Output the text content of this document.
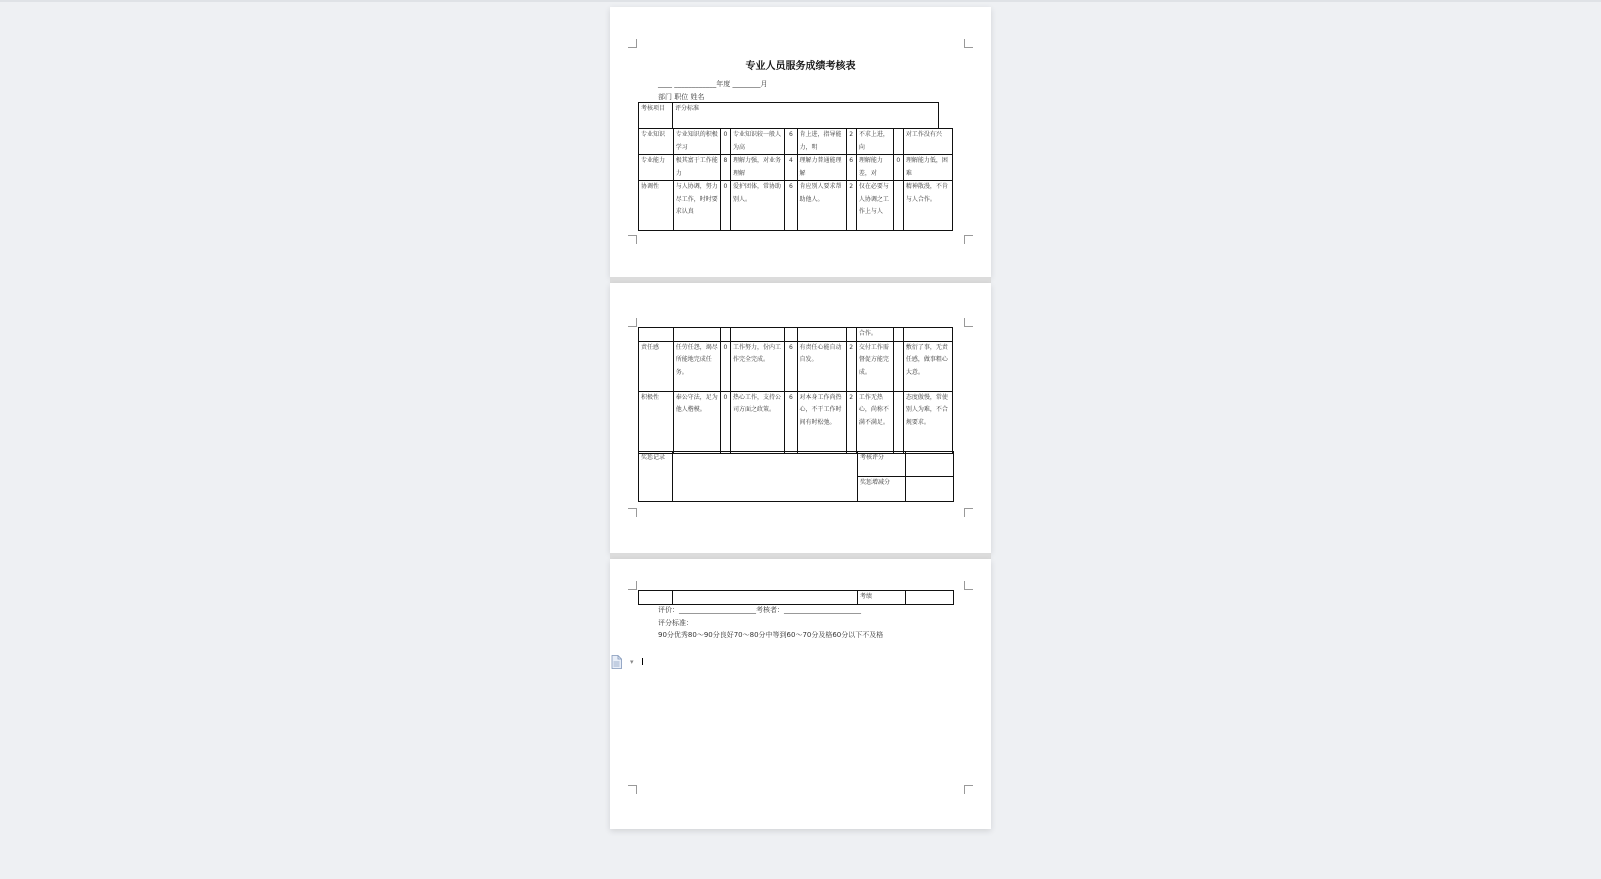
专业人员服务成绩考核表
____ ____________年度 ________月
部门 职位 姓名
考核项目	评分标准
专业知识	专业知识的积极学习	0	专业知识较一般人为高	6	肯上进，指导能力，明	2	不求上进，向		对工作没有兴
专业能力	极其富于工作能力	8	理解力强，对业务理解	4	理解力普通能理解	6	理解能力差，对	0	理解能力低，困难
协调性	与人协调，努力尽工作，时时要求认真	0	爱护团体，常协助别人。	6	肯应别人要求帮助他人。	2	仅在必要与人协调之工作上与人		精神散漫，不肯与人合作。
							合作。		
责任感	任劳任怨，竭尽所能地完成任务。	0	工作努力，份内工作完全完成。	6	有责任心能自动自发。	2	交付工作需督促方能完成。		敷衍了事，无责任感，做事粗心大意。
积极性	奉公守法，足为他人楷模。	0	热心工作，支持公司方面之政策。	6	对本身工作尚热心，不干工作时间有时松弛。	2	工作无热心，尚称不满不满足。		态度傲慢，常使别人为难，不合规要求。
奖惩记录		考核评分	
		奖惩增减分	
		考绩	
评价：______________________考核者：______________________
评分标准：
90分优秀80～90分良好70～80分中等到60～70分及格60分以下不及格
▾
